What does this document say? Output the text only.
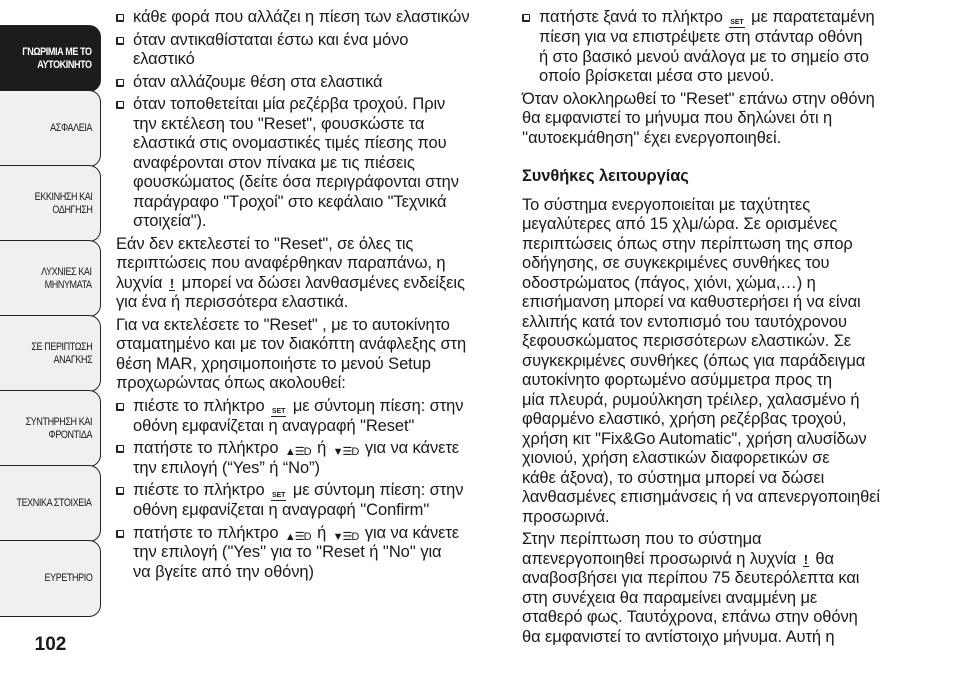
ΓΝΩΡΙΜΙΑ ΜΕ ΤΟ
ΑΥΤΟΚΙΝΗΤΟ
ΑΣΦΑΛΕΙΑ
ΕΚΚΙΝΗΣΗ ΚΑΙ
ΟΔΗΓΗΣΗ
ΛΥΧΝΙΕΣ ΚΑΙ
ΜΗΝΥΜΑΤΑ
ΣΕ ΠΕΡΙΠΤΩΣΗ
ΑΝΑΓΚΗΣ
ΣΥΝΤΗΡΗΣΗ ΚΑΙ
ΦΡΟΝΤΙΔΑ
ΤΕΧΝΙΚΑ ΣΤΟΙΧΕΙΑ
ΕΥΡΕΤΗΡΙΟ
102
κάθε φορά που αλλάζει η πίεση των ελαστικών
όταν αντικαθίσταται έστω και ένα μόνο
ελαστικό
όταν αλλάζουμε θέση στα ελαστικά
όταν τοποθετείται μία ρεζέρβα τροχού. Πριν
την εκτέλεση του "Reset", φουσκώστε τα
ελαστικά στις ονομαστικές τιμές πίεσης που
αναφέρονται στον πίνακα με τις πιέσεις
φουσκώματος (δείτε όσα περιγράφονται στην
παράγραφο "Τροχοί" στο κεφάλαιο "Τεχνικά
στοιχεία").
Εάν δεν εκτελεστεί το "Reset", σε όλες τις
περιπτώσεις που αναφέρθηκαν παραπάνω, η
λυχνία ! μπορεί να δώσει λανθασμένες ενδείξεις
για ένα ή περισσότερα ελαστικά.
Για να εκτελέσετε το "Reset" , με το αυτοκίνητο
σταματημένο και με τον διακόπτη ανάφλεξης στη
θέση MAR, χρησιμοποιήστε το μενού Setup
προχωρώντας όπως ακολουθεί:
πιέστε το πλήκτρο SET με σύντομη πίεση: στην
οθόνη εμφανίζεται η αναγραφή "Reset"
πατήστε το πλήκτρο ▲☰D ή ▼☰D για να κάνετε
την επιλογή (“Yes” ή “No”)
πιέστε το πλήκτρο SET με σύντομη πίεση: στην
οθόνη εμφανίζεται η αναγραφή ''Confirm''
πατήστε το πλήκτρο ▲☰D ή ▼☰D για να κάνετε
την επιλογή (''Yes'' για το ''Reset ή ''No'' για
να βγείτε από την οθόνη)
πατήστε ξανά το πλήκτρο SET με παρατεταμένη
πίεση για να επιστρέψετε στη στάνταρ οθόνη
ή στο βασικό μενού ανάλογα με το σημείο στο
οποίο βρίσκεται μέσα στο μενού.
Όταν ολοκληρωθεί το "Reset" επάνω στην οθόνη
θα εμφανιστεί το μήνυμα που δηλώνει ότι η
''αυτοεκμάθηση'' έχει ενεργοποιηθεί.
Συνθήκες λειτουργίας
Το σύστημα ενεργοποιείται με ταχύτητες
μεγαλύτερες από 15 χλμ/ώρα. Σε ορισμένες
περιπτώσεις όπως στην περίπτωση της σπορ
οδήγησης, σε συγκεκριμένες συνθήκες του
οδοστρώματος (πάγος, χιόνι, χώμα,…) η
επισήμανση μπορεί να καθυστερήσει ή να είναι
ελλιπής κατά τον εντοπισμό του ταυτόχρονου
ξεφουσκώματος περισσότερων ελαστικών. Σε
συγκεκριμένες συνθήκες (όπως για παράδειγμα
αυτοκίνητο φορτωμένο ασύμμετρα προς τη
μία πλευρά, ρυμούλκηση τρέιλερ, χαλασμένο ή
φθαρμένο ελαστικό, χρήση ρεζέρβας τροχού,
χρήση κιτ "Fix&Go Automatic", χρήση αλυσίδων
χιονιού, χρήση ελαστικών διαφορετικών σε
κάθε άξονα), το σύστημα μπορεί να δώσει
λανθασμένες επισημάνσεις ή να απενεργοποιηθεί
προσωρινά.
Στην περίπτωση που το σύστημα
απενεργοποιηθεί προσωρινά η λυχνία ! θα
αναβοσβήσει για περίπου 75 δευτερόλεπτα και
στη συνέχεια θα παραμείνει αναμμένη με
σταθερό φως. Ταυτόχρονα, επάνω στην οθόνη
θα εμφανιστεί το αντίστοιχο μήνυμα. Αυτή η
